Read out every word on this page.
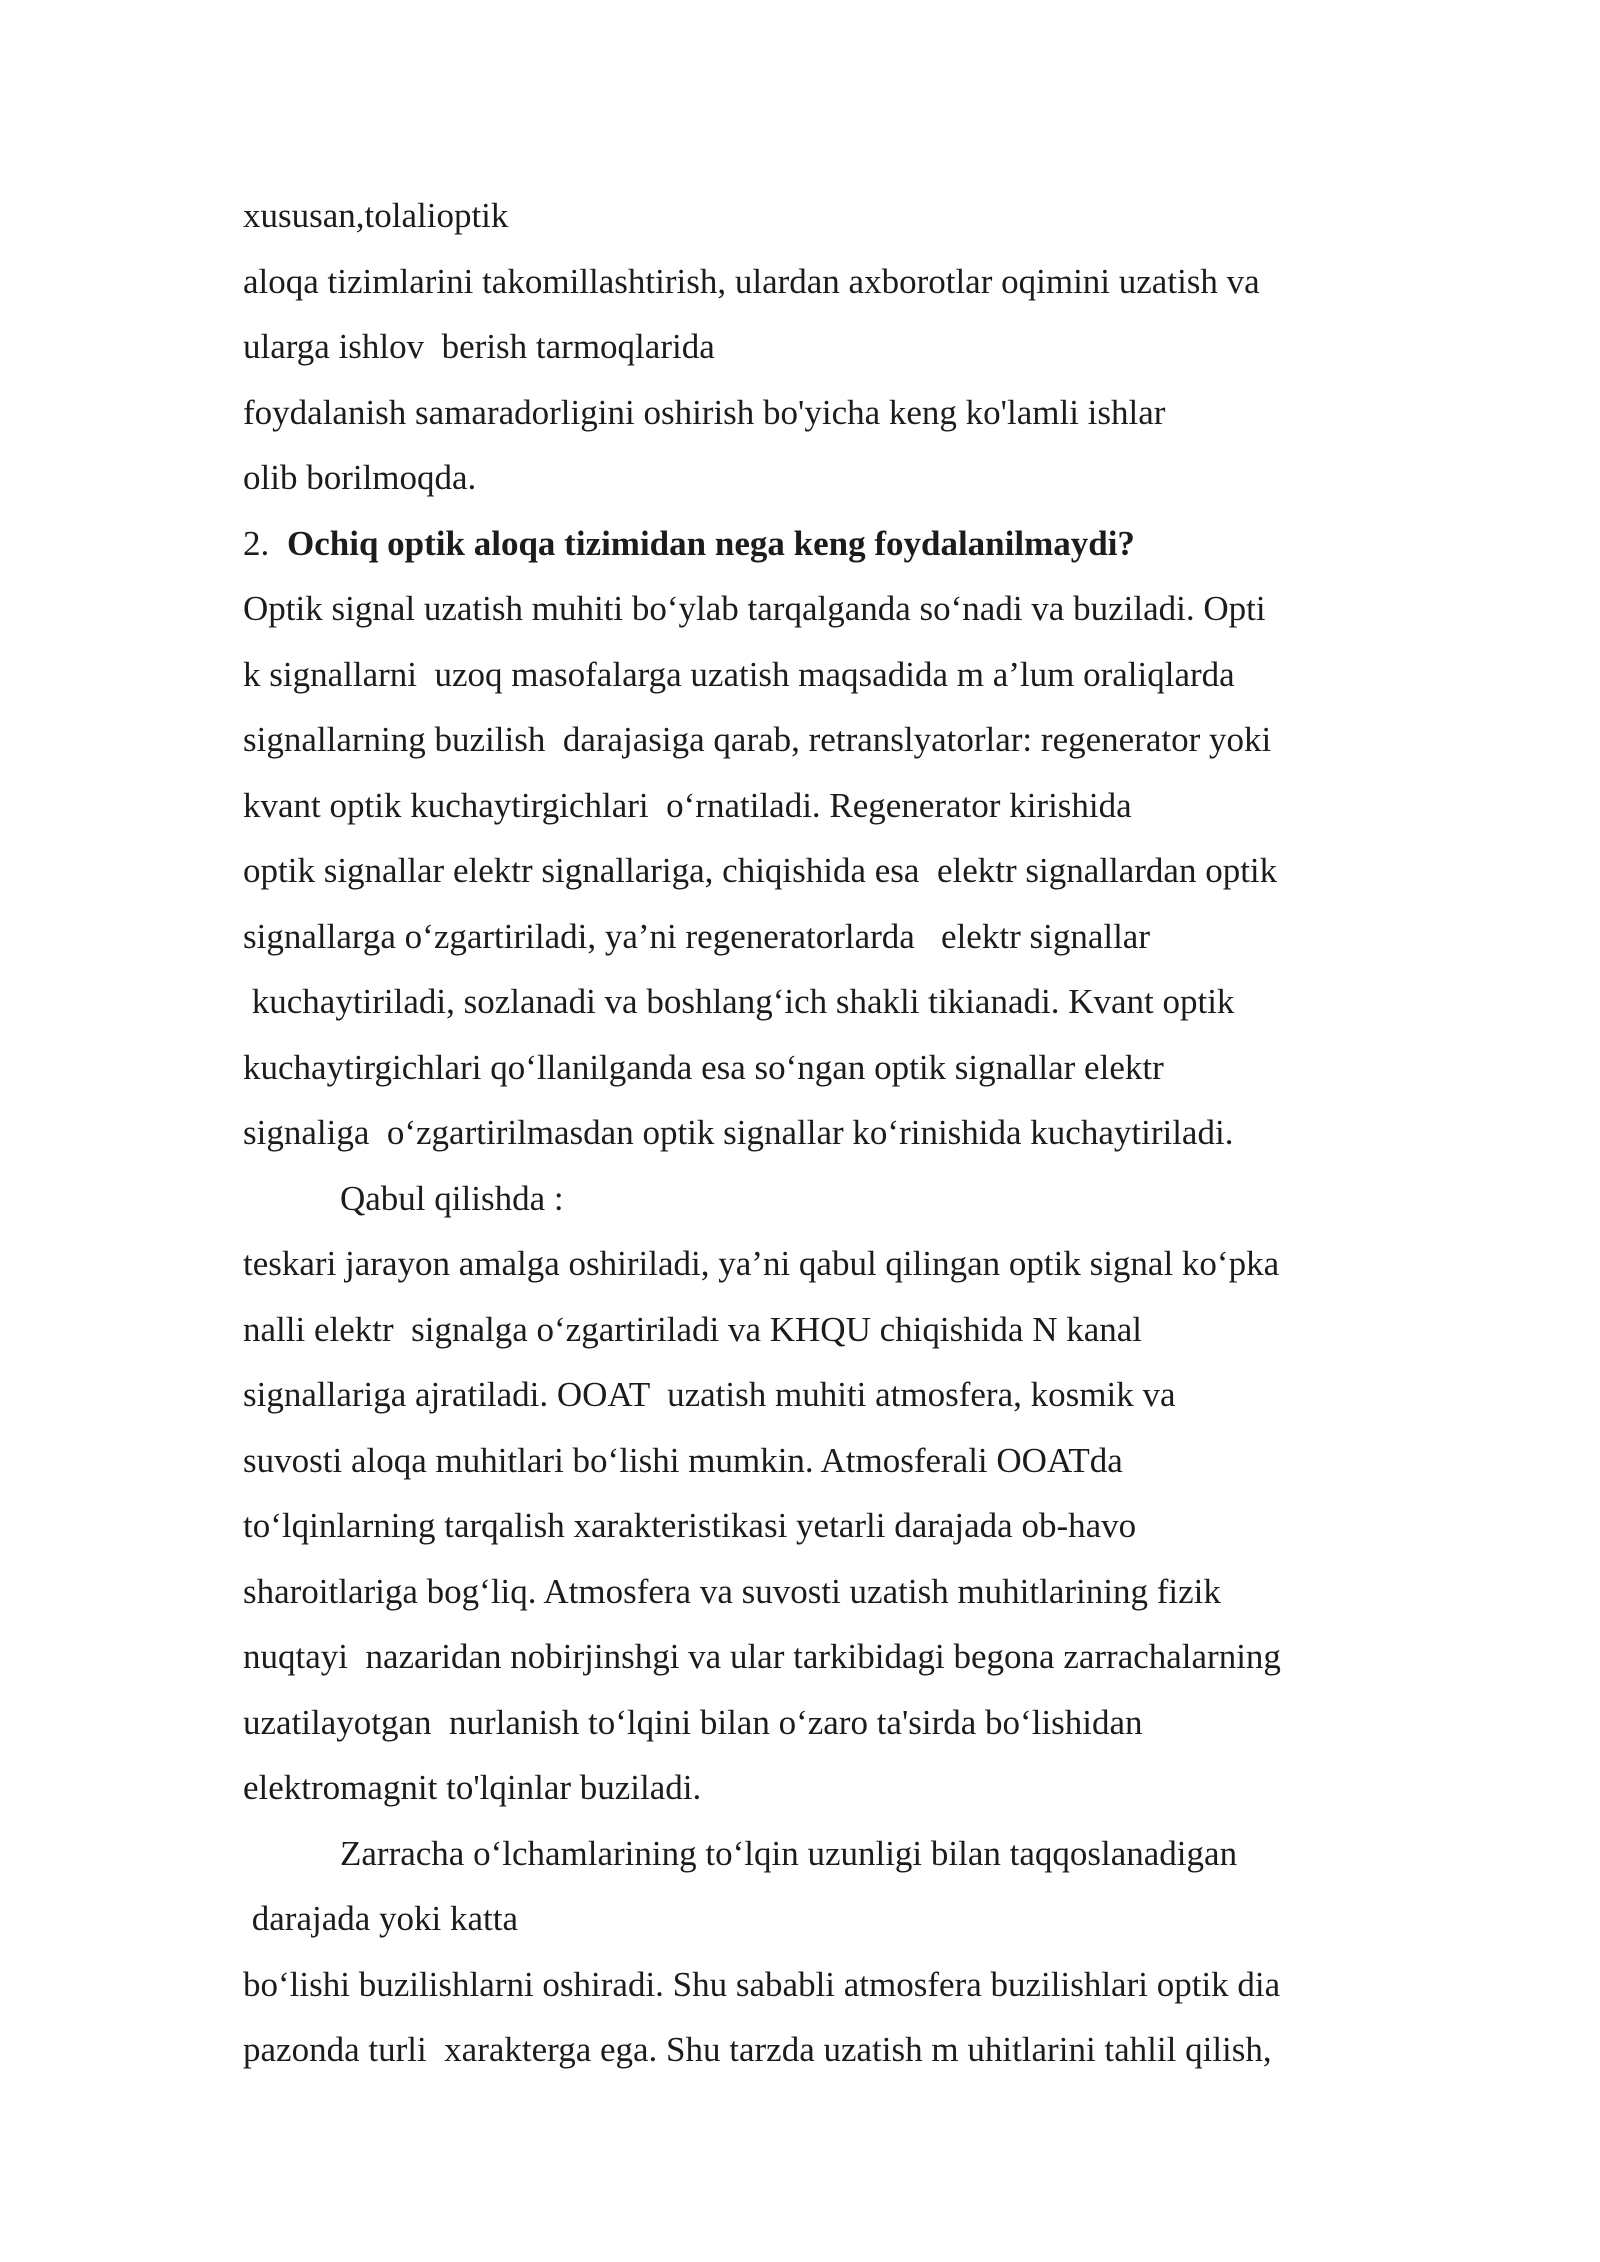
xususan,tolalioptik

aloqa tizimlarini takomillashtirish, ulardan axborotlar oqimini uzatish va

ularga ishlov  berish tarmoqlarida

foydalanish samaradorligini oshirish bo'yicha keng ko'lamli ishlar

olib borilmoqda.

2. Ochiq optik aloqa tizimidan nega keng foydalanilmaydi?

Optik signal uzatish muhiti bo‘ylab tarqalganda so‘nadi va buziladi. Opti

k signallarni  uzoq masofalarga uzatish maqsadida m a’lum oraliqlarda

signallarning buzilish  darajasiga qarab, retranslyatorlar: regenerator yoki

kvant optik kuchaytirgichlari  o‘rnatiladi. Regenerator kirishida

optik signallar elektr signallariga, chiqishida esa  elektr signallardan optik

signallarga o‘zgartiriladi, ya’ni regeneratorlarda   elektr signallar

kuchaytiriladi, sozlanadi va boshlang‘ich shakli tikianadi. Kvant optik

kuchaytirgichlari qo‘llanilganda esa so‘ngan optik signallar elektr

signaliga  o‘zgartirilmasdan optik signallar ko‘rinishida kuchaytiriladi.

Qabul qilishda :

teskari jarayon amalga oshiriladi, ya’ni qabul qilingan optik signal ko‘pka

nalli elektr  signalga o‘zgartiriladi va KHQU chiqishida N kanal

signallariga ajratiladi. OOAT  uzatish muhiti atmosfera, kosmik va

suvosti aloqa muhitlari bo‘lishi mumkin. Atmosferali OOATda

to‘lqinlarning tarqalish xarakteristikasi yetarli darajada ob-havo

sharoitlariga bog‘liq. Atmosfera va suvosti uzatish muhitlarining fizik

nuqtayi  nazaridan nobirjinshgi va ular tarkibidagi begona zarrachalarning

uzatilayotgan  nurlanish to‘lqini bilan o‘zaro ta'sirda bo‘lishidan

elektromagnit to'lqinlar buziladi.

Zarracha o‘lchamlarining to‘lqin uzunligi bilan taqqoslanadigan

darajada yoki katta

bo‘lishi buzilishlarni oshiradi. Shu sababli atmosfera buzilishlari optik dia

pazonda turli  xarakterga ega. Shu tarzda uzatish m uhitlarini tahlil qilish,
